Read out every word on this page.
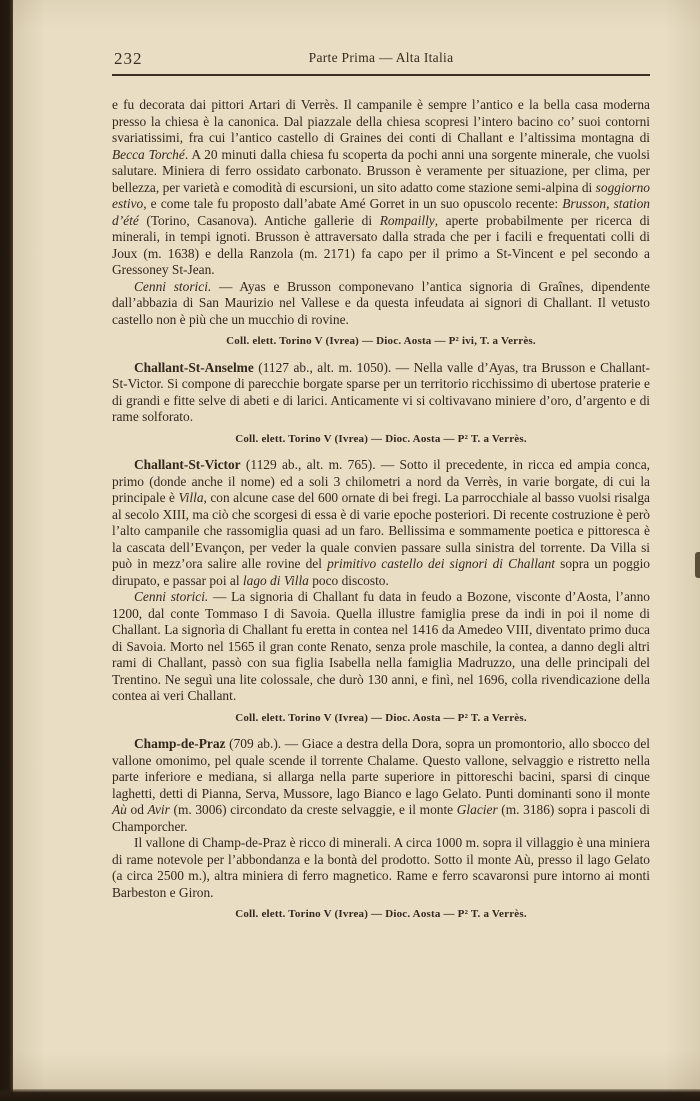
232	Parte Prima — Alta Italia

e fu decorata dai pittori Artari di Verrès. Il campanile è sempre l’antico e la bella casa moderna presso la chiesa è la canonica. Dal piazzale della chiesa scopresi l’intero bacino co’ suoi contorni svariatissimi, fra cui l’antico castello di Graines dei conti di Challant e l’altissima montagna di Becca Torché. A 20 minuti dalla chiesa fu scoperta da pochi anni una sorgente minerale, che vuolsi salutare. Miniera di ferro ossidato carbonato. Brusson è veramente per situazione, per clima, per bellezza, per varietà e comodità di escursioni, un sito adatto come stazione semi-alpina di soggiorno estivo, e come tale fu proposto dall’abate Amé Gorret in un suo opuscolo recente: Brusson, station d’été (Torino, Casanova). Antiche gallerie di Rompailly, aperte probabilmente per ricerca di minerali, in tempi ignoti. Brusson è attraversato dalla strada che per i facili e frequentati colli di Joux (m. 1638) e della Ranzola (m. 2171) fa capo per il primo a St-Vincent e pel secondo a Gressoney St-Jean.

Cenni storici. — Ayas e Brusson componevano l’antica signoria di Graînes, dipendente dall’abbazia di San Maurizio nel Vallese e da questa infeudata ai signori di Challant. Il vetusto castello non è più che un mucchio di rovine.

Coll. elett. Torino V (Ivrea) — Dioc. Aosta — P² ivi, T. a Verrès.

Challant-St-Anselme (1127 ab., alt. m. 1050). — Nella valle d’Ayas, tra Brusson e Challant-St-Victor. Si compone di parecchie borgate sparse per un territorio ricchissimo di ubertose praterie e di grandi e fitte selve di abeti e di larici. Anticamente vi si coltivavano miniere d’oro, d’argento e di rame solforato.

Coll. elett. Torino V (Ivrea) — Dioc. Aosta — P² T. a Verrès.

Challant-St-Victor (1129 ab., alt. m. 765). — Sotto il precedente, in ricca ed ampia conca, primo (donde anche il nome) ed a soli 3 chilometri a nord da Verrès, in varie borgate, di cui la principale è Villa, con alcune case del 600 ornate di bei fregi. La parrocchiale al basso vuolsi risalga al secolo XIII, ma ciò che scorgesi di essa è di varie epoche posteriori. Di recente costruzione è però l’alto campanile che rassomiglia quasi ad un faro. Bellissima e sommamente poetica e pittoresca è la cascata dell’Evançon, per veder la quale convien passare sulla sinistra del torrente. Da Villa si può in mezz’ora salire alle rovine del primitivo castello dei signori di Challant sopra un poggio dirupato, e passar poi al lago di Villa poco discosto.

Cenni storici. — La signoria di Challant fu data in feudo a Bozone, visconte d’Aosta, l’anno 1200, dal conte Tommaso I di Savoia. Quella illustre famiglia prese da indi in poi il nome di Challant. La signorìa di Challant fu eretta in contea nel 1416 da Amedeo VIII, diventato primo duca di Savoia. Morto nel 1565 il gran conte Renato, senza prole maschile, la contea, a danno degli altri rami di Challant, passò con sua figlia Isabella nella famiglia Madruzzo, una delle principali del Trentino. Ne seguì una lite colossale, che durò 130 anni, e finì, nel 1696, colla rivendicazione della contea ai veri Challant.

Coll. elett. Torino V (Ivrea) — Dioc. Aosta — P² T. a Verrès.

Champ-de-Praz (709 ab.). — Giace a destra della Dora, sopra un promontorio, allo sbocco del vallone omonimo, pel quale scende il torrente Chalame. Questo vallone, selvaggio e ristretto nella parte inferiore e mediana, si allarga nella parte superiore in pittoreschi bacini, sparsi di cinque laghetti, detti di Pianna, Serva, Mussore, lago Bianco e lago Gelato. Punti dominanti sono il monte Aù od Avir (m. 3006) circondato da creste selvaggie, e il monte Glacier (m. 3186) sopra i pascoli di Champorcher.

Il vallone di Champ-de-Praz è ricco di minerali. A circa 1000 m. sopra il villaggio è una miniera di rame notevole per l’abbondanza e la bontà del prodotto. Sotto il monte Aù, presso il lago Gelato (a circa 2500 m.), altra miniera di ferro magnetico. Rame e ferro scavaronsi pure intorno ai monti Barbeston e Giron.

Coll. elett. Torino V (Ivrea) — Dioc. Aosta — P² T. a Verrès.
